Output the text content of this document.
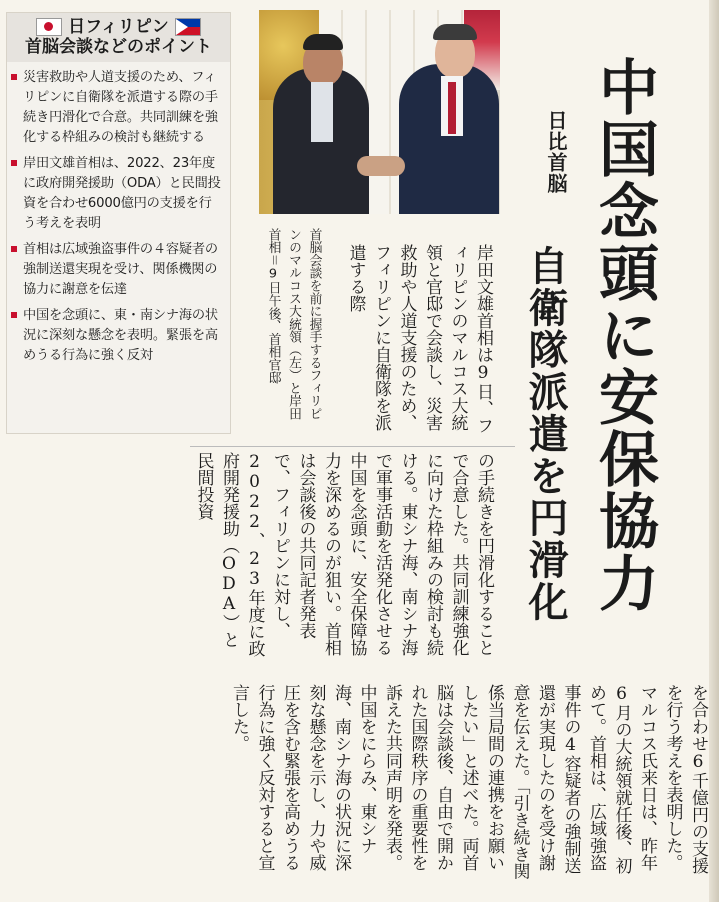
日フィリピン
首脳会談などのポイント
災害救助や人道支援のため、フィリピンに自衛隊を派遣する際の手続き円滑化で合意。共同訓練を強化する枠組みの検討も継続する
岸田文雄首相は、2022、23年度に政府開発援助（ODA）と民間投資を合わせ6000億円の支援を行う考えを表明
首相は広域強盗事件の４容疑者の強制送還実現を受け、関係機関の協力に謝意を伝達
中国を念頭に、東・南シナ海の状況に深刻な懸念を表明。緊張を高めうる行為に強く反対	中国念頭に安保協力
日比首脳
自衛隊派遣を円滑化
首脳会談を前に握手するフィリピンのマルコス大統領（左）と岸田首相＝9日午後、首相官邸	岸田文雄首相は9日、フィリピンのマルコス大統領と官邸で会談し、災害救助や人道支援のため、フィリピンに自衛隊を派遣する際
の手続きを円滑化することで合意した。共同訓練強化に向けた枠組みの検討も続ける。東シナ海、南シナ海で軍事活動を活発化させる中国を念頭に、安全保障協力を深めるのが狙い。首相は会談後の共同記者発表で、フィリピンに対し、2022、23年度に政府開発援助（ODA）と民間投資
を合わせ6千億円の支援を行う考えを表明した。マルコス氏来日は、昨年6月の大統領就任後、初めて。首相は、広域強盗事件の4容疑者の強制送還が実現したのを受け謝意を伝えた。「引き続き関係当局間の連携をお願いしたい」と述べた。両首脳は会談後、自由で開かれた国際秩序の重要性を訴えた共同声明を発表。中国をにらみ、東シナ海、南シナ海の状況に深刻な懸念を示し、力や威圧を含む緊張を高めうる行為に強く反対すると宣言した。
